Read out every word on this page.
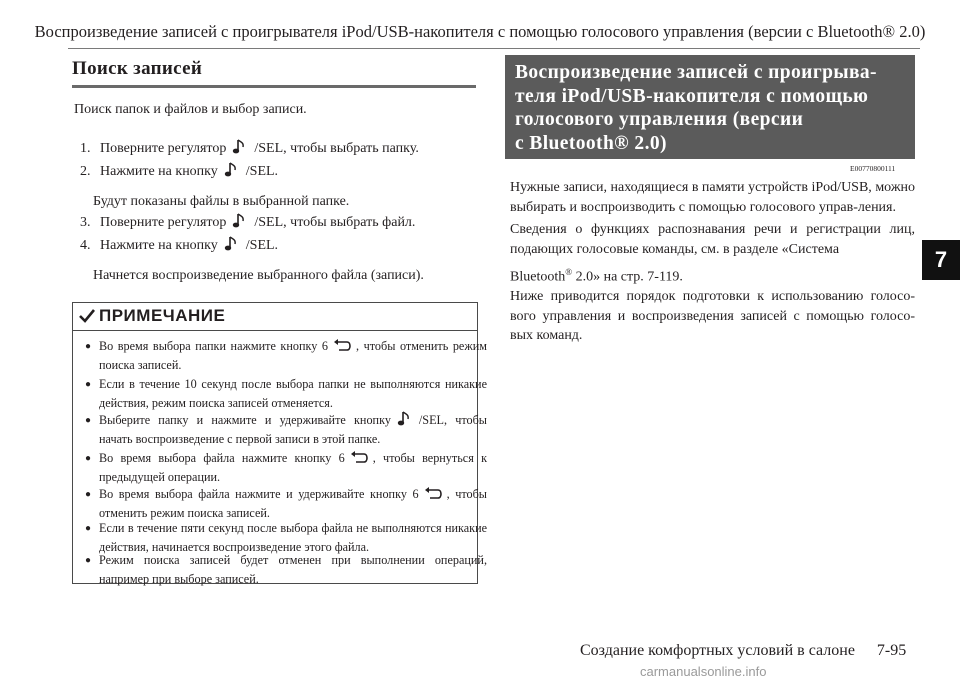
Воспроизведение записей с проигрывателя iPod/USB-накопителя с помощью голосового управления (версии с Bluetooth® 2.0)
Поиск записей
Поиск папок и файлов и выбор записи.
1. Поверните регулятор /SEL, чтобы выбрать папку.
2. Нажмите на кнопку /SEL.
Будут показаны файлы в выбранной папке.
3. Поверните регулятор /SEL, чтобы выбрать файл.
4. Нажмите на кнопку /SEL.
Начнется воспроизведение выбранного файла (записи).
ПРИМЕЧАНИЕ
● Во время выбора папки нажмите кнопку 6 , чтобы отменить режим поиска записей.
● Если в течение 10 секунд после выбора папки не выполняются никакие действия, режим поиска записей отменяется.
● Выберите папку и нажмите и удерживайте кнопку /SEL, чтобы начать воспроизведение с первой записи в этой папке.
● Во время выбора файла нажмите кнопку 6 , чтобы вернуться к предыдущей операции.
● Во время выбора файла нажмите и удерживайте кнопку 6 , чтобы отменить режим поиска записей.
● Если в течение пяти секунд после выбора файла не выполняются никакие действия, начинается воспроизведение этого файла.
● Режим поиска записей будет отменен при выполнении операций, например при выборе записей.
Воспроизведение записей с проигрыва-
теля iPod/USB-накопителя с помощью
голосового управления (версии
с Bluetooth® 2.0)
E00770800111
Нужные записи, находящиеся в памяти устройств iPod/USB, можно выбирать и воспроизводить с помощью голосового управ-ления.
Сведения о функциях распознавания речи и регистрации лиц, подающих голосовые команды, см. в разделе «Система
Bluetooth® 2.0» на стр. 7-119.
Ниже приводится порядок подготовки к использованию голосо-вого управления и воспроизведения записей с помощью голосо-вых команд.
7
Создание комфортных условий в салоне 7-95
carmanualsonline.info
